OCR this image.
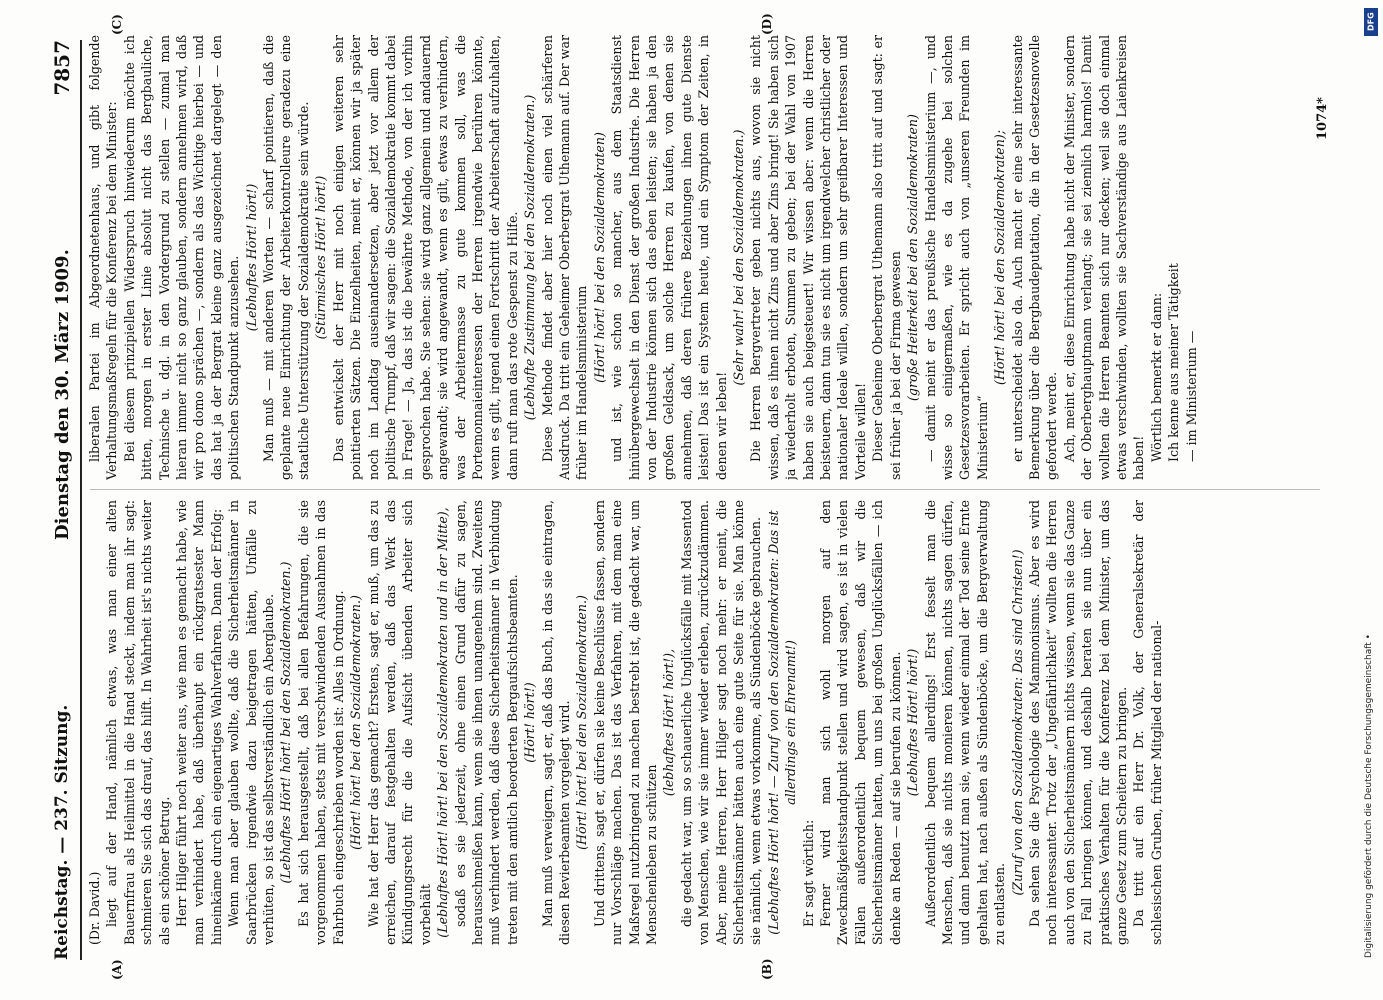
Reichstag. — 237. Sitzung.
Dienstag den 30. März 1909.
7857
(A)	(B)
(C)	(D)

(Dr. David.) liegt auf der Hand, nämlich etwas, was man einer alten Bauernfrau als Heilmittel in die Hand steckt, indem man ihr sagt: schmieren Sie sich das drauf, das hilft. In Wahrheit ist's nichts weiter als ein schöner Betrug. Herr Hilger führt noch weiter aus, wie man es gemacht habe, wie man verhindert habe, daß überhaupt ein rückgratsester Mann hineinkäme durch ein eigenartiges Wahlverfahren. Dann der Erfolg: Wenn man aber glauben wollte, daß die Sicherheitsmänner in Saarbrücken irgendwie dazu beigetragen hätten, Unfälle zu verhüten, so ist das selbstverständlich ein Aberglaube. (Lebhaftes Hört! hört! bei den Sozialdemokraten.) Es hat sich herausgestellt, daß bei allen Befahrungen, die sie vorgenommen haben, stets mit verschwindenden Ausnahmen in das Fahrbuch eingeschrieben worden ist: Alles in Ordnung. (Hört! hört! bei den Sozialdemokraten.) Wie hat der Herr das gemacht? Erstens, sagt er, muß, um das zu erreichen, darauf festgehalten werden, daß das Werk das Kündigungsrecht für die die Aufsicht übenden Arbeiter sich vorbehält (Lebhaftes Hört! hört! bei den Sozialdemokraten und in der Mitte), sodaß es sie jederzeit, ohne einen Grund dafür zu sagen, herausschmeißen kann, wenn sie ihnen unangenehm sind. Zweitens muß verhindert werden, daß diese Sicherheitsmänner in Verbindung treten mit den amtlich beorderten Bergaufsichtsbeamten. (Hört! hört!) Man muß verweigern, sagt er, daß das Buch, in das sie eintragen, diesen Revierbeamten vorgelegt wird. (Hört! hört! bei den Sozialdemokraten.) Und drittens, sagt er, dürfen sie keine Beschlüsse fassen, sondern nur Vorschläge machen. Das ist das Verfahren, mit dem man eine Maßregel nutzbringend zu machen bestrebt ist, die gedacht war, um Menschenleben zu schützen

(lebhaftes Hört! hört!), die gedacht war, um so schauerliche Unglücksfälle mit Massentod von Menschen, wie wir sie immer wieder erleben, zurückzudämmen. Aber, meine Herren, Herr Hilger sagt noch mehr: er meint, die Sicherheitsmänner hätten auch eine gute Seite für sie. Man könne sie nämlich, wenn etwas vorkomme, als Sündenböcke gebrauchen. (Lebhaftes Hört! hört! — Zuruf von den Sozialdemokraten: Das ist allerdings ein Ehrenamt!)

Er sagt wörtlich: Ferner wird man sich wohl morgen auf den Zweckmäßigkeitsstandpunkt stellen und wird sagen, es ist in vielen Fällen außerordentlich bequem gewesen, daß wir die Sicherheitsmänner hatten, um uns bei großen Unglücksfällen — ich denke an Reden — auf sie berufen zu können. (Lebhaftes Hört! hört!) Außerordentlich bequem allerdings! Erst fesselt man die Menschen, daß sie nichts monieren können, nichts sagen dürfen, und dann benutzt man sie, wenn wieder einmal der Tod seine Ernte gehalten hat, nach außen als Sündenböcke, um die Bergverwaltung zu entlasten.

(Zuruf von den Sozialdemokraten: Das sind Christen!) Da sehen Sie die Psychologie des Mammonismus. Aber es wird noch interessanter. Trotz der „Ungefährlichkeit“ wollten die Herren auch von den Sicherheitsmännern nichts wissen, wenn sie das Ganze zu Fall bringen können, und deshalb beraten sie nun über ein praktisches Verhalten für die Konferenz bei dem Minister, um das ganze Gesetz zum Scheitern zu bringen. Da tritt auf ein Herr Dr. Volk, der Generalsekretär der schlesischen Gruben, früher Mitglied der national-

liberalen Partei im Abgeordnetenhaus, und gibt folgende Verhaltungsmaßregeln für die Konferenz bei dem Minister: Bei diesem prinzipiellen Widerspruch hinwiederum möchte ich bitten, morgen in erster Linie absolut nicht das Bergbauliche, Technische u. dgl. in den Vordergrund zu stellen — zumal man hieran immer nicht so ganz glauben, sondern annehmen wird, daß wir pro domo sprächen —, sondern als das Wichtige hierbei — und das hat ja der Bergrat kleine ganz ausgezeichnet dargelegt — den politischen Standpunkt anzusehen. (Lebhaftes Hört! hört!) Man muß — mit anderen Worten — scharf pointieren, daß die geplante neue Einrichtung der Arbeiterkontrolleure geradezu eine staatliche Unterstützung der Sozialdemokratie sein würde. (Stürmisches Hört! hört!) Das entwickelt der Herr mit noch einigen weiteren sehr pointierten Sätzen. Die Einzelheiten, meint er, können wir ja später noch im Landtag auseinandersetzen, aber jetzt vor allem der politische Trumpf, daß wir sagen: die Sozialdemokratie kommt dabei in Frage! — Ja, das ist die bewährte Methode, von der ich vorhin gesprochen habe. Sie sehen: sie wird ganz allgemein und andauernd angewandt; sie wird angewandt, wenn es gilt, etwas zu verhindern, was der Arbeitermasse zu gute kommen soll, was die Portemonnaieinteressen der Herren irgendwie berühren könnte, wenn es gilt, irgend einen Fortschritt der Arbeiterschaft aufzuhalten, dann ruft man das rote Gespenst zu Hilfe. (Lebhafte Zustimmung bei den Sozialdemokraten.) Diese Methode findet aber hier noch einen viel schärferen Ausdruck. Da tritt ein Geheimer Oberbergrat Uthemann auf. Der war früher im Handelsministerium

(Hört! hört! bei den Sozialdemokraten) und ist, wie schon so mancher, aus dem Staatsdienst hinübergewechselt in den Dienst der großen Industrie. Die Herren von der Industrie können sich das eben leisten; sie haben ja den großen Geldsack, um solche Herren zu kaufen, von denen sie annehmen, daß deren frühere Beziehungen ihnen gute Dienste leisten! Das ist ein System heute, und ein Symptom der Zeiten, in denen wir leben!

(Sehr wahr! bei den Sozialdemokraten.) Die Herren Bergvertreter geben nichts aus, wovon sie nicht wissen, daß es ihnen nicht Zins und aber Zins bringt! Sie haben sich ja wiederholt erboten, Summen zu geben; bei der Wahl von 1907 haben sie auch beigesteuert! Wir wissen aber: wenn die Herren beisteuern, dann tun sie es nicht um irgendwelcher christlicher oder nationaler Ideale willen, sondern um sehr greifbarer Interessen und Vorteile willen! Dieser Geheime Oberbergrat Uthemann also tritt auf und sagt: er sei früher ja bei der Firma gewesen (große Heiterkeit bei den Sozialdemokraten) — damit meint er das preußische Handelsministerium —, und wisse so einigermaßen, wie es da zugehe bei solchen Gesetzesvorarbeiten. Er spricht auch von „unseren Freunden im Ministerium“

(Hört! hört! bei den Sozialdemokraten); er unterscheidet also da. Auch macht er eine sehr interessante Bemerkung über die Bergbaudeputation, die in der Gesetzesnovelle gefordert werde. Ach, meint er, diese Einrichtung habe nicht der Minister, sondern der Oberberghauptmann verlangt; sie sei ziemlich harmlos! Damit wollten die Herren Beamten sich nur decken; weil sie doch einmal etwas verschwinden, wollten sie Sachverständige aus Laienkreisen haben! Wörtlich bemerkt er dann: Ich kenne aus meiner Tätigkeit — im Ministerium —

1074*
DFG
Digitalisierung gefördert durch die Deutsche Forschungsgemeinschaft •
